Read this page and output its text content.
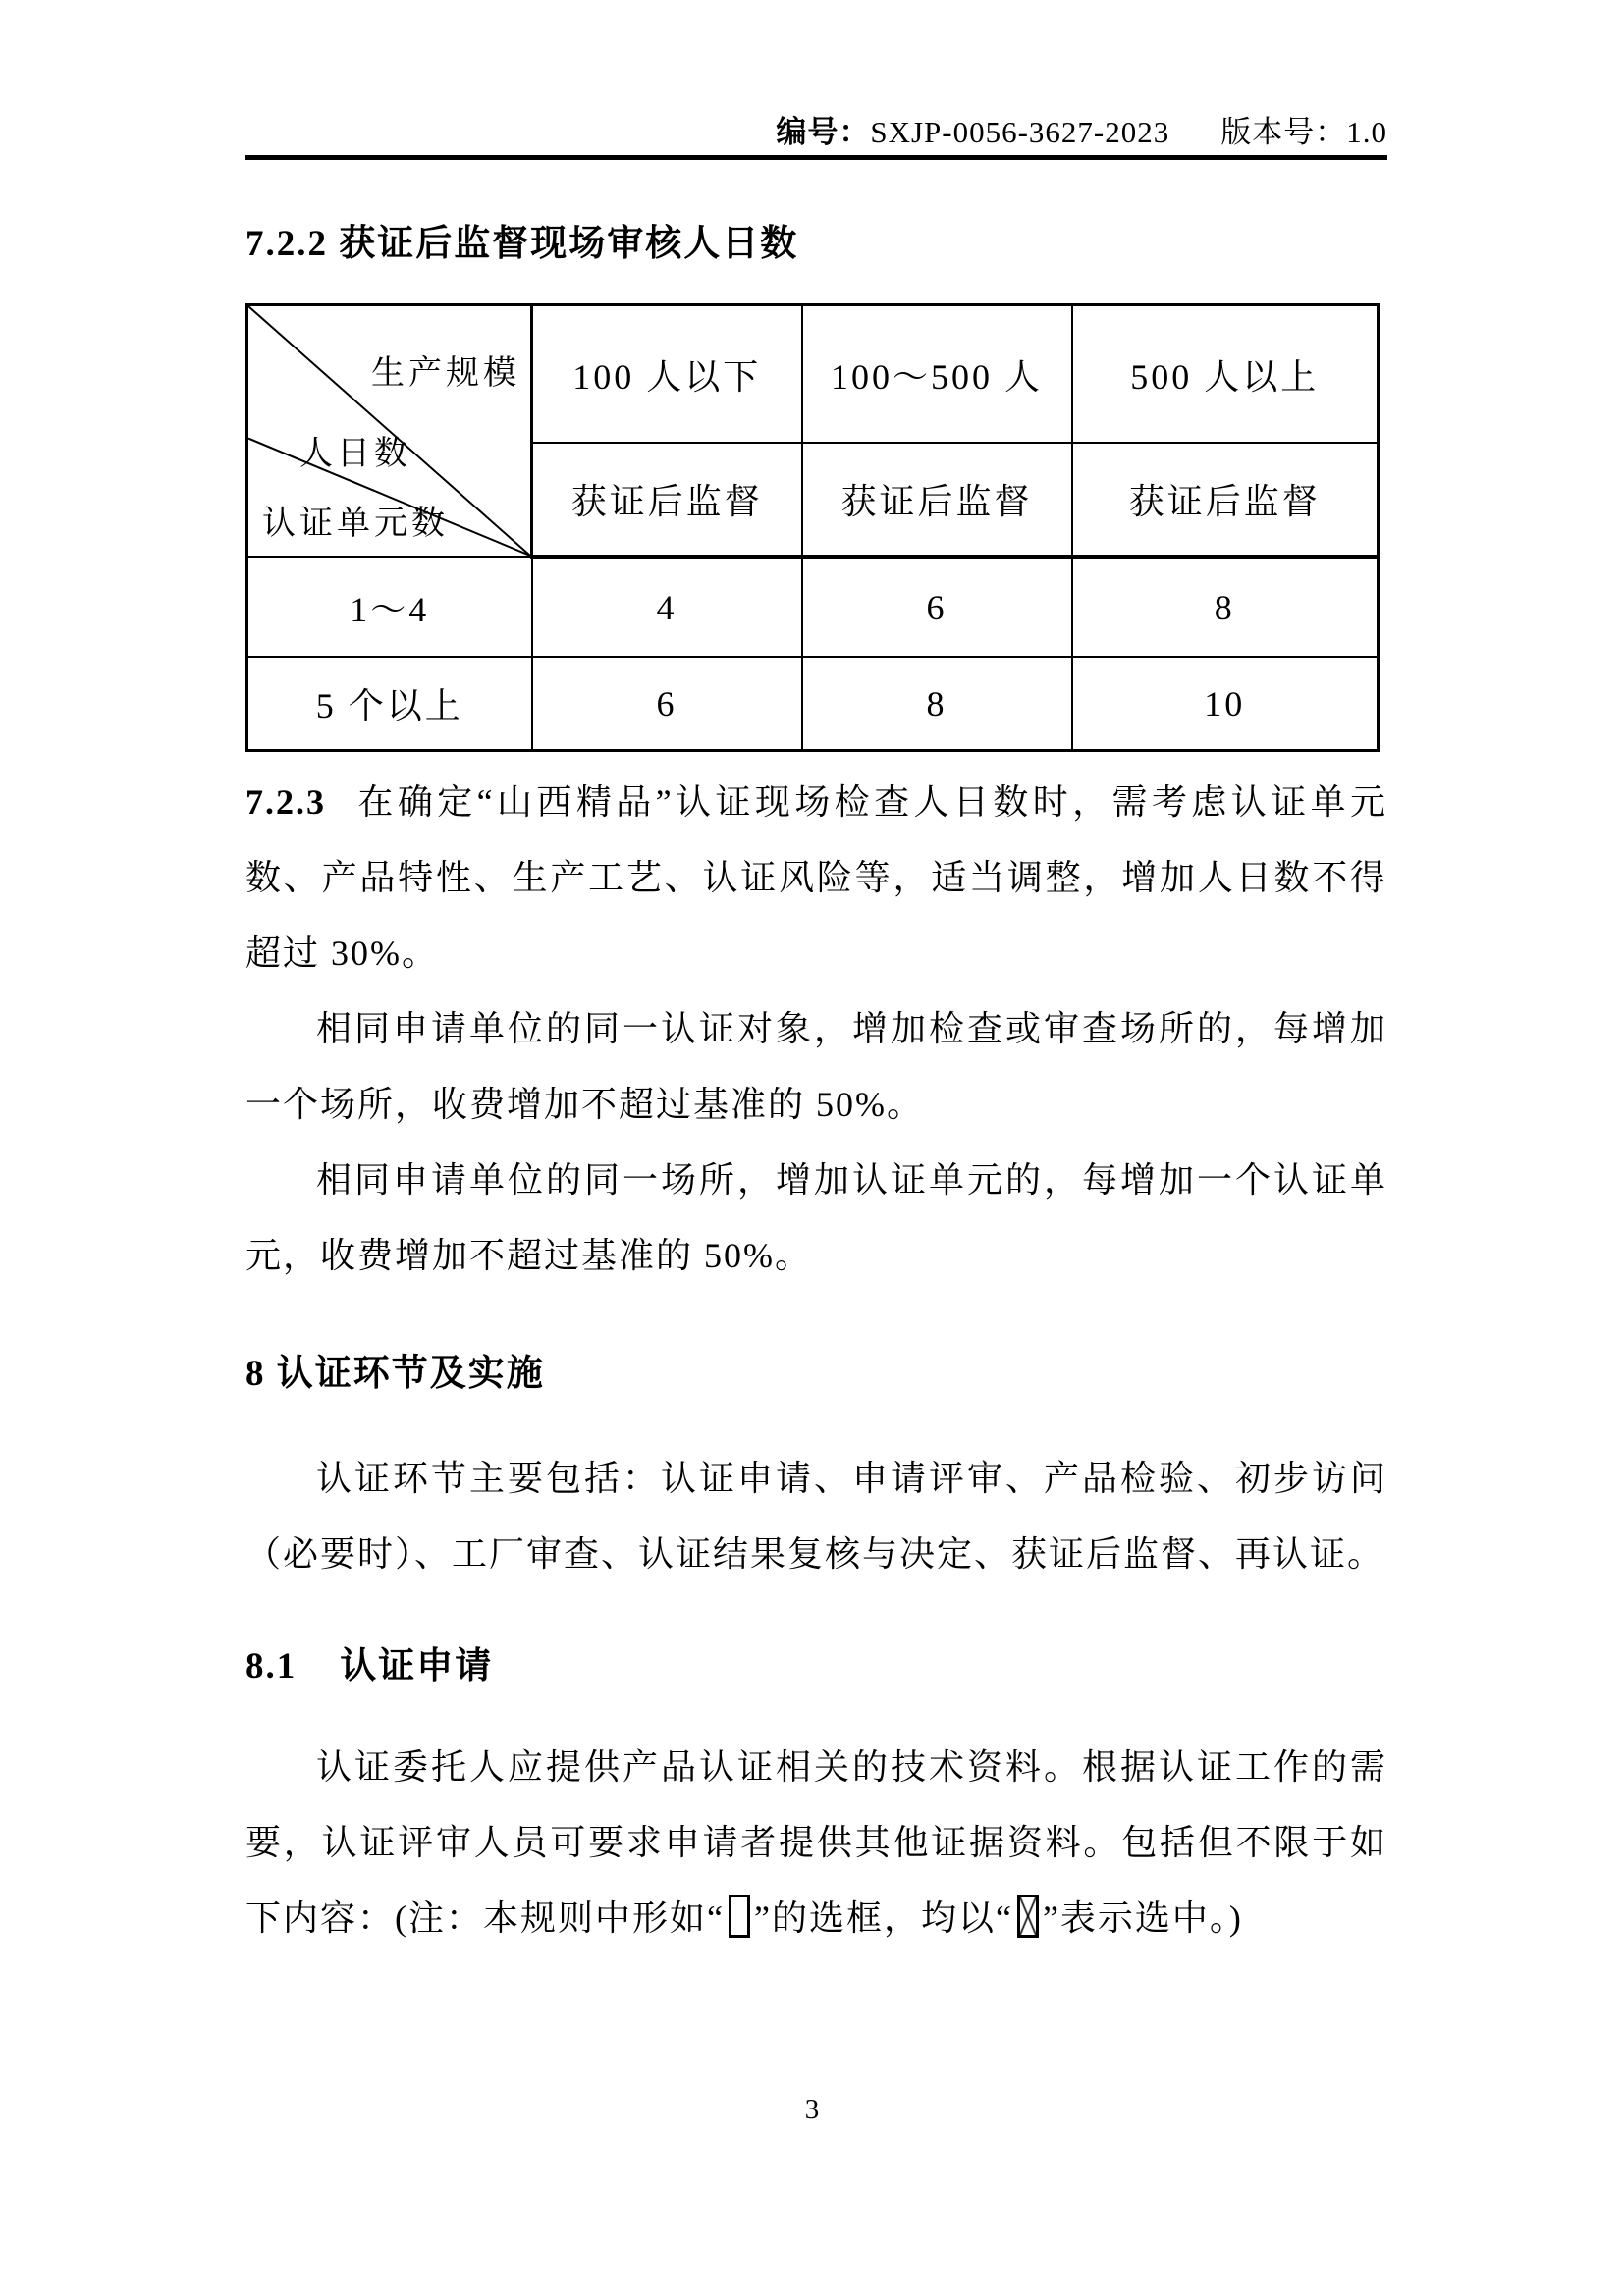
编号：SXJP-0056-3627-2023 版本号：1.0
7.2.2 获证后监督现场审核人日数
生产规模
人日数
认证单元数	100 人以下	100～500 人	500 人以上
	获证后监督	获证后监督	获证后监督
1～4	4	6	8
5 个以上	6	8	10
7.2.3 在确定“山西精品”认证现场检查人日数时，需考虑认证单元数、产品特性、生产工艺、认证风险等，适当调整，增加人日数不得超过 30%。
相同申请单位的同一认证对象，增加检查或审查场所的，每增加一个场所，收费增加不超过基准的 50%。
相同申请单位的同一场所，增加认证单元的，每增加一个认证单元，收费增加不超过基准的 50%。
8 认证环节及实施
认证环节主要包括：认证申请、申请评审、产品检验、初步访问（必要时）、工厂审查、认证结果复核与决定、获证后监督、再认证。
8.1 认证申请
认证委托人应提供产品认证相关的技术资料。根据认证工作的需要，认证评审人员可要求申请者提供其他证据资料。包括但不限于如下内容：(注：本规则中形如“ ”的选框，均以“ ”表示选中。)
3
